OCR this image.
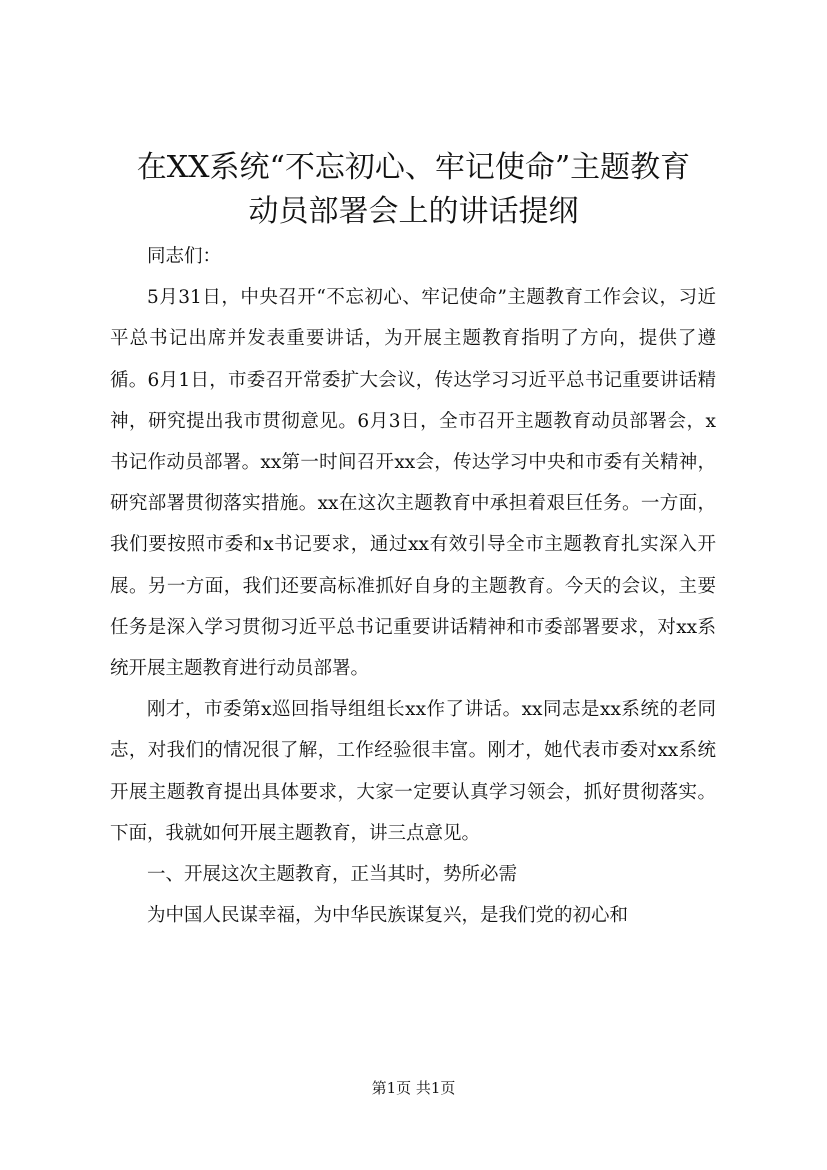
在XX系统“不忘初心、牢记使命”主题教育
动员部署会上的讲话提纲

同志们：

5月31日，中央召开“不忘初心、牢记使命”主题教育工作会议，习近平总书记出席并发表重要讲话，为开展主题教育指明了方向，提供了遵循。6月1日，市委召开常委扩大会议，传达学习习近平总书记重要讲话精神，研究提出我市贯彻意见。6月3日，全市召开主题教育动员部署会，x书记作动员部署。xx第一时间召开xx会，传达学习中央和市委有关精神，研究部署贯彻落实措施。xx在这次主题教育中承担着艰巨任务。一方面，我们要按照市委和x书记要求，通过xx有效引导全市主题教育扎实深入开展。另一方面，我们还要高标准抓好自身的主题教育。今天的会议，主要任务是深入学习贯彻习近平总书记重要讲话精神和市委部署要求，对xx系统开展主题教育进行动员部署。

刚才，市委第x巡回指导组组长xx作了讲话。xx同志是xx系统的老同志，对我们的情况很了解，工作经验很丰富。刚才，她代表市委对xx系统开展主题教育提出具体要求，大家一定要认真学习领会，抓好贯彻落实。下面，我就如何开展主题教育，讲三点意见。

一、开展这次主题教育，正当其时，势所必需

为中国人民谋幸福，为中华民族谋复兴，是我们党的初心和

第1页 共1页
